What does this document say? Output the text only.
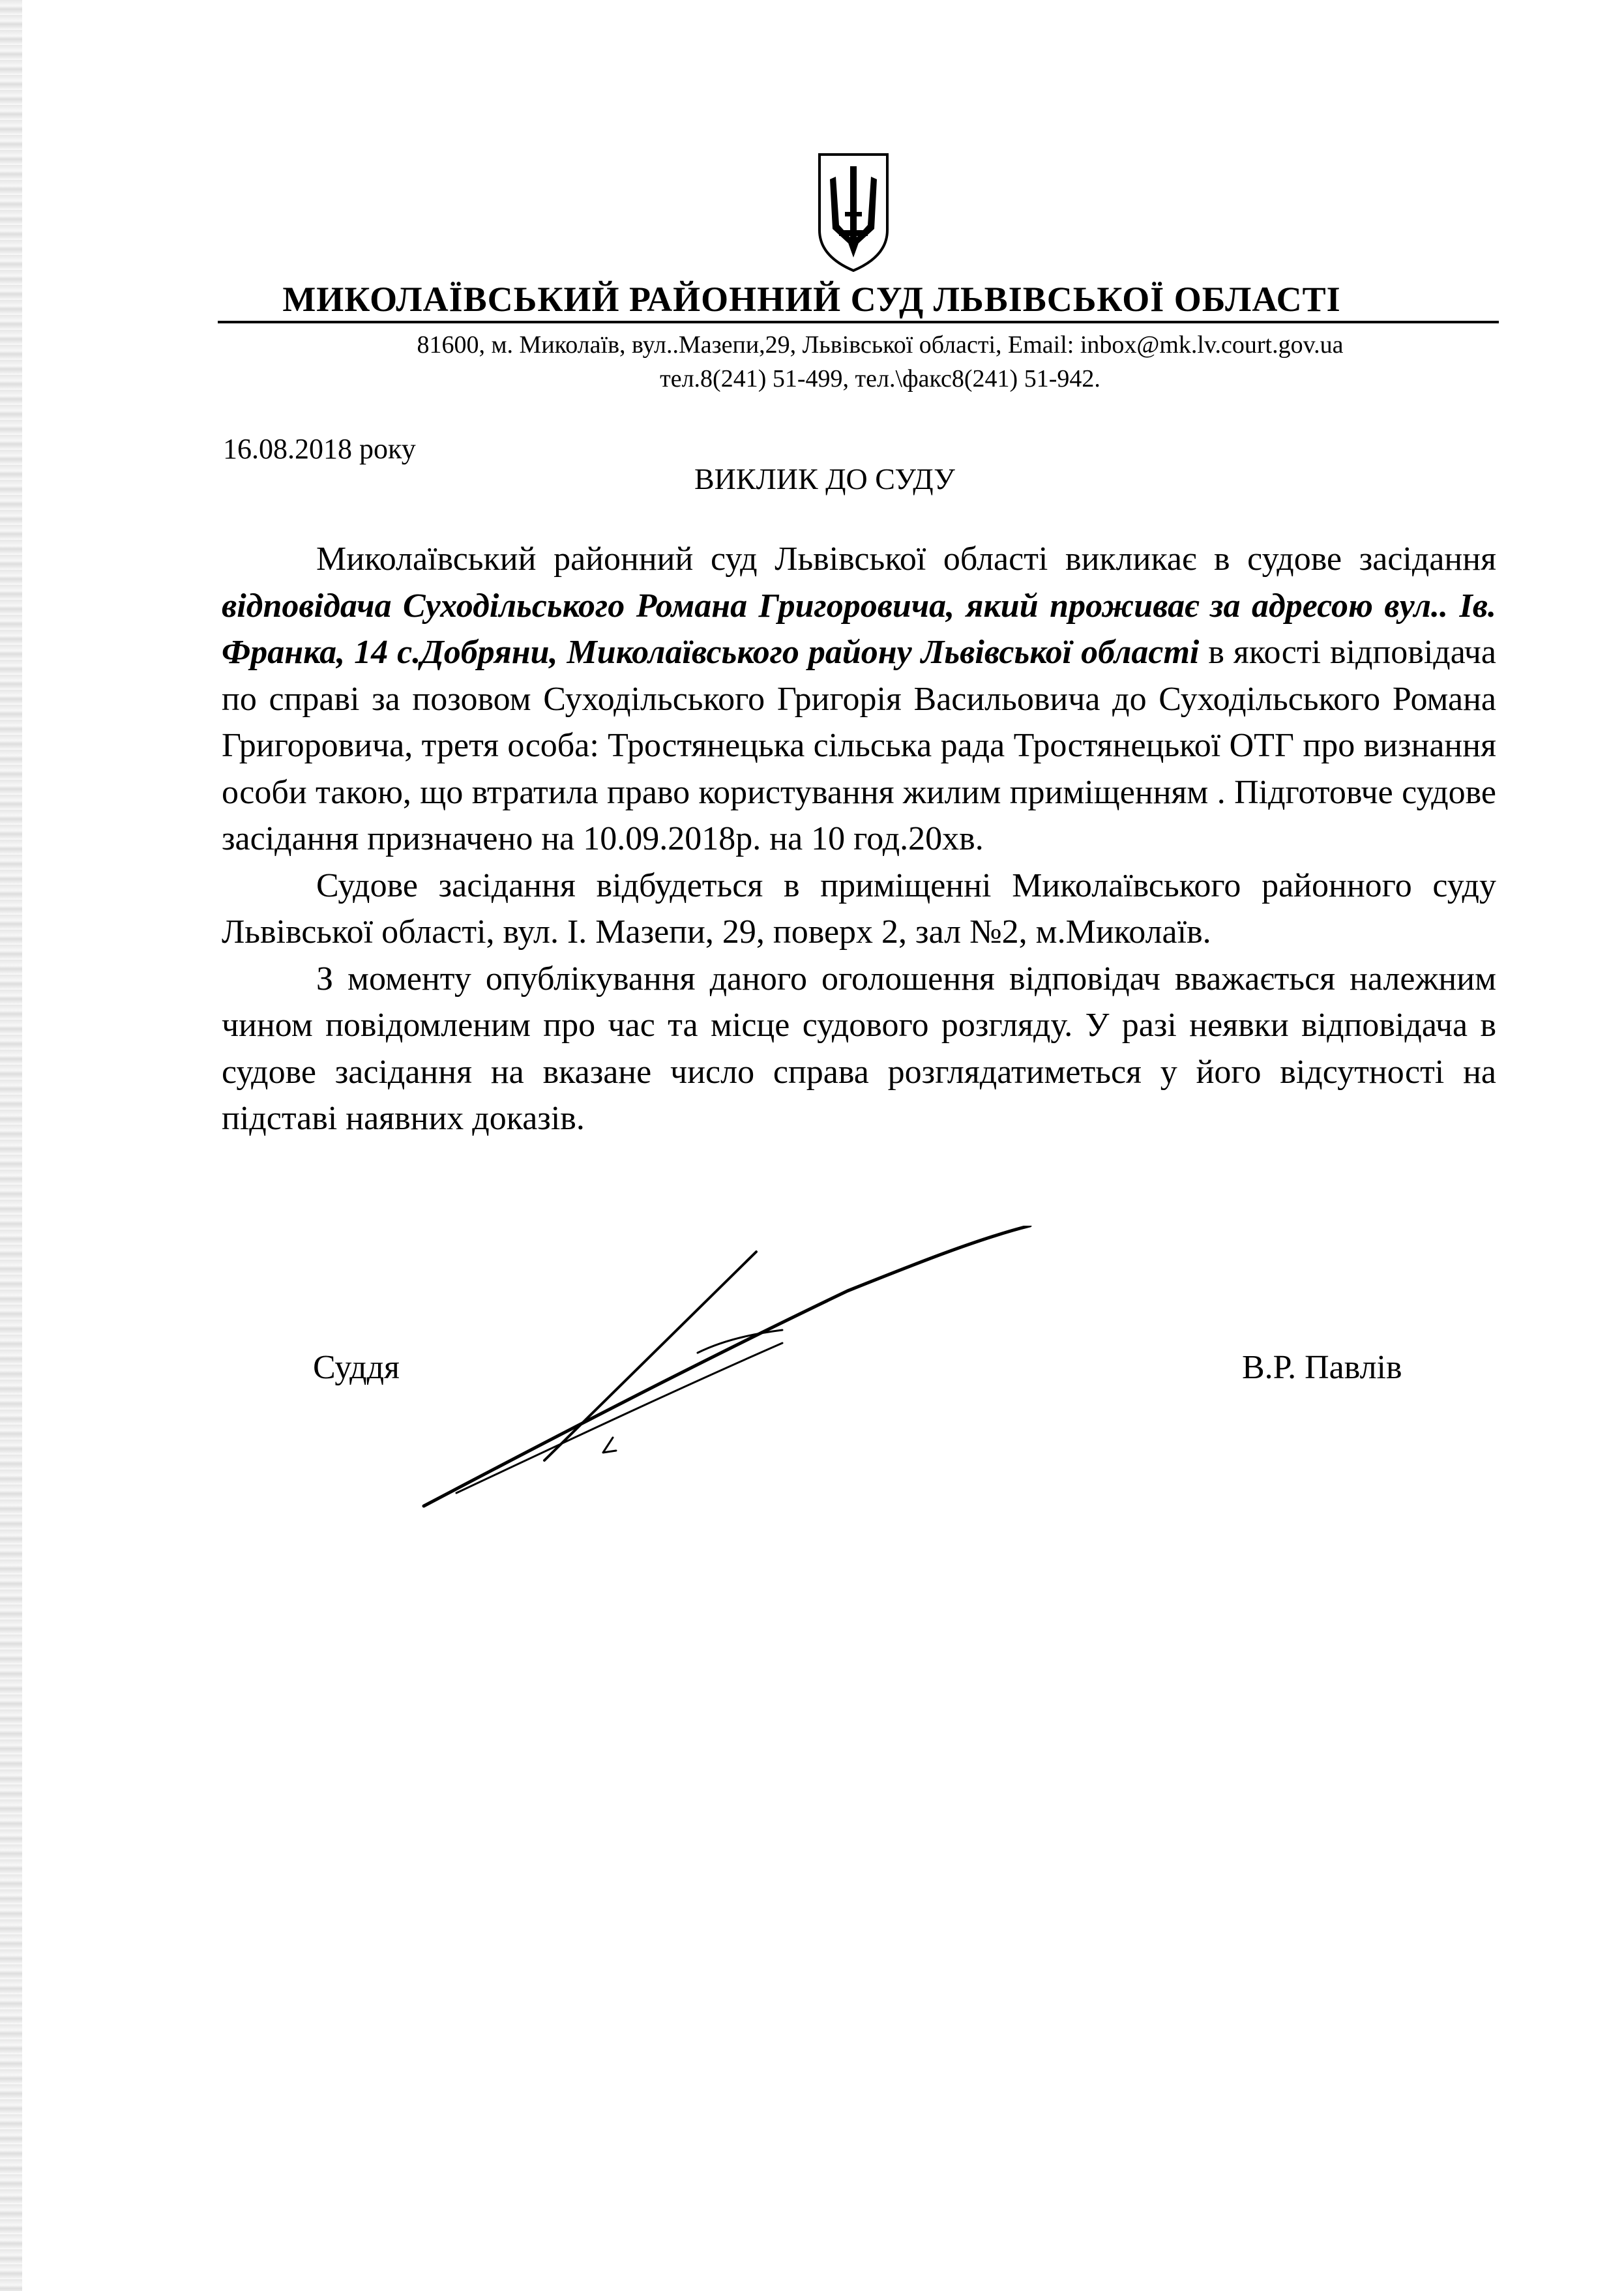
МИКОЛАЇВСЬКИЙ РАЙОННИЙ СУД ЛЬВІВСЬКОЇ ОБЛАСТІ
81600, м. Миколаїв, вул..Мазепи,29, Львівської області, Email: inbox@mk.lv.court.gov.ua
тел.8(241) 51-499, тел.\факс8(241) 51-942.
16.08.2018 року
ВИКЛИК ДО СУДУ

Миколаївський районний суд Львівської області викликає в судове засідання відповідача Суходільського Романа Григоровича, який проживає за адресою вул.. Ів. Франка, 14 с.Добряни, Миколаївського району Львівської області в якості відповідача по справі за позовом Суходільського Григорія Васильовича до Суходільського Романа Григоровича, третя особа: Тростянецька сільська рада Тростянецької ОТГ про визнання особи такою, що втратила право користування жилим приміщенням . Підготовче судове засідання призначено на 10.09.2018р. на 10 год.20хв.

Судове засідання відбудеться в приміщенні Миколаївського районного суду Львівської області, вул. І. Мазепи, 29, поверх 2, зал №2, м.Миколаїв.

З моменту опублікування даного оголошення відповідач вважається належним чином повідомленим про час та місце судового розгляду. У разі неявки відповідача в судове засідання на вказане число справа розглядатиметься у його відсутності на підставі наявних доказів.

Суддя	В.Р. Павлів
